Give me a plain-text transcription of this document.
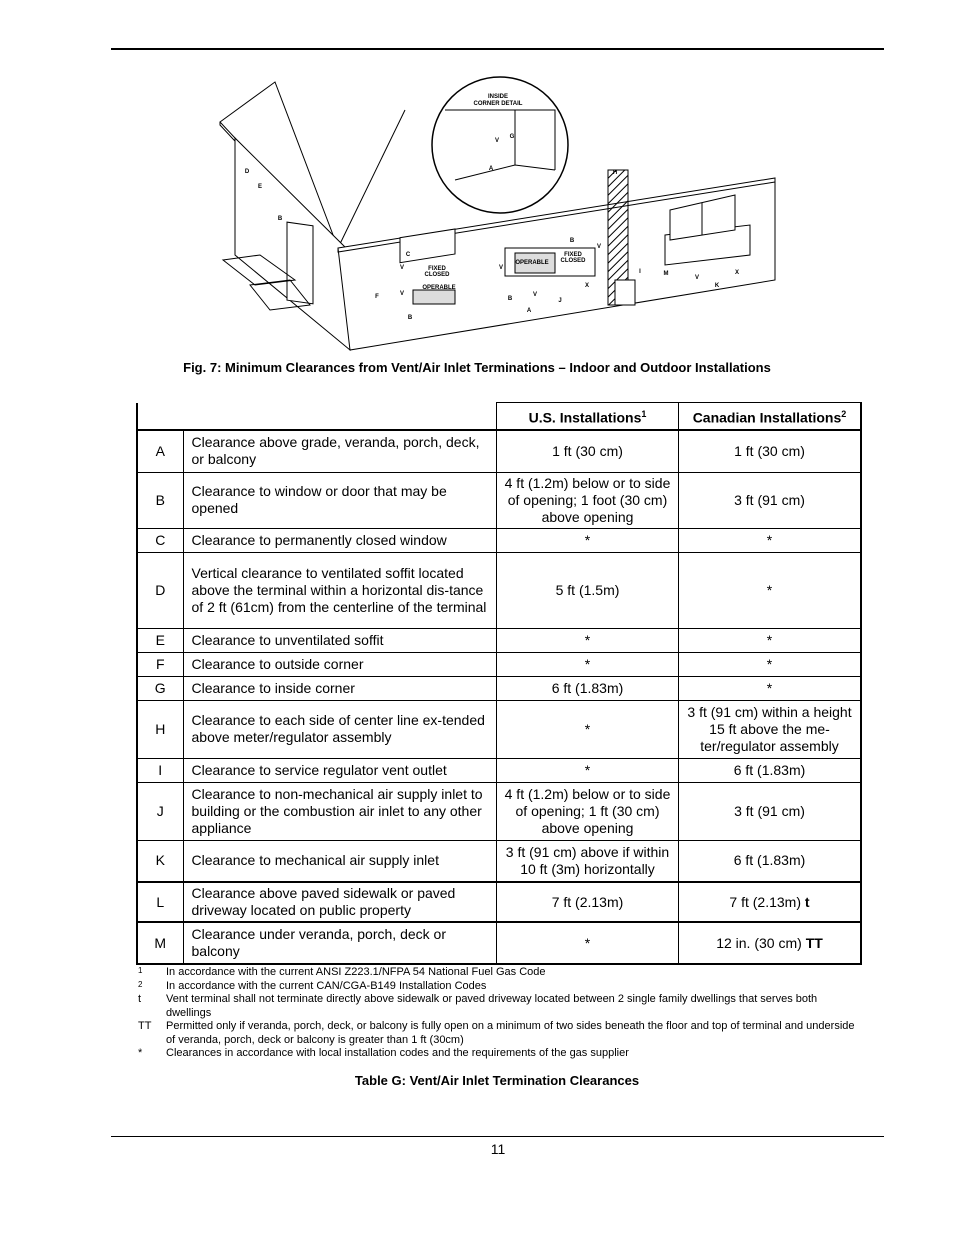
INSIDE
CORNER DETAIL
FIXED
CLOSED
OPERABLE
OPERABLE
FIXED
CLOSED
V
A
G
V
V
V
V
V
V
X
X
F
B
B
B
A
J
H
I	M
K
D
E
B
C
Fig. 7: Minimum Clearances from Vent/Air Inlet Terminations – Indoor and Outdoor Installations
		U.S. Installations$^1$	Canadian Installations$^2$
A	Clearance above grade, veranda, porch, deck, or balcony	1 ft (30 cm)	1 ft (30 cm)
B	Clearance to window or door that may be opened	4 ft (1.2m) below or to side of opening; 1 foot (30 cm) above opening	3 ft (91 cm)
C	Clearance to permanently closed window	*	*
D	Vertical clearance to ventilated soffit located above the terminal within a horizontal dis-tance of 2 ft (61cm) from the centerline of the terminal	5 ft (1.5m)	*
E	Clearance to unventilated soffit	*	*
F	Clearance to outside corner	*	*
G	Clearance to inside corner	6 ft (1.83m)	*
H	Clearance to each side of center line ex-tended above meter/regulator assembly	*	3 ft (91 cm) within a height 15 ft above the me-ter/regulator assembly
I	Clearance to service regulator vent outlet	*	6 ft (1.83m)
J	Clearance to non-mechanical air supply inlet to building or the combustion air inlet to any other appliance	4 ft (1.2m) below or to side of opening; 1 ft (30 cm) above opening	3 ft (91 cm)
K	Clearance to mechanical air supply inlet	3 ft (91 cm) above if within 10 ft (3m) horizontally	6 ft (1.83m)
L	Clearance above paved sidewalk or paved driveway located on public property	7 ft (2.13m)	7 ft (2.13m) t
M	Clearance under veranda, porch, deck or balcony	*	12 in. (30 cm) TT
1	In accordance with the current ANSI Z223.1/NFPA 54 National Fuel Gas Code
2	In accordance with the current CAN/CGA-B149 Installation Codes
t	Vent terminal shall not terminate directly above sidewalk or paved driveway located between 2 single family dwellings that serves both dwellings
TT	Permitted only if veranda, porch, deck, or balcony is fully open on a minimum of two sides beneath the floor and top of terminal and underside of veranda, porch, deck or balcony is greater than 1 ft (30cm)
*	Clearances in accordance with local installation codes and the requirements of the gas supplier
Table G: Vent/Air Inlet Termination Clearances
11
